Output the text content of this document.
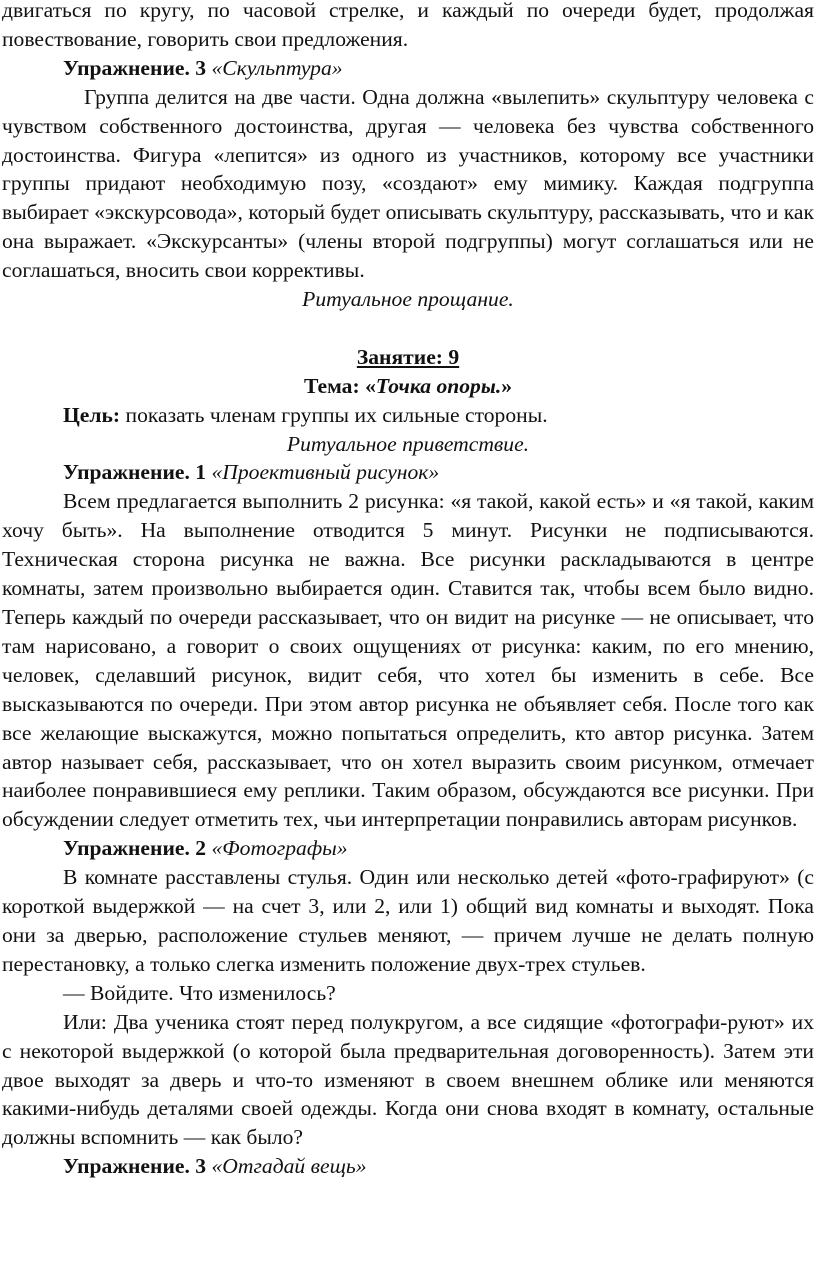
двигаться по кругу, по часовой стрелке, и каждый по очереди будет, продолжая повествование, говорить свои предложения.

Упражнение. 3 «Скульптура»

Группа делится на две части. Одна должна «вылепить» скульптуру человека с чувством собственного достоинства, другая — человека без чувства собственного достоинства. Фигура «лепится» из одного из участников, которому все участники группы придают необходимую позу, «создают» ему мимику. Каждая подгруппа выбирает «экскурсовода», который будет описывать скульптуру, рассказывать, что и как она выражает. «Экскурсанты» (члены второй подгруппы) могут соглашаться или не соглашаться, вносить свои коррективы.

Ритуальное прощание.

Занятие: 9

Тема: «Точка опоры.»

Цель: показать членам группы их сильные стороны.

Ритуальное приветствие.

Упражнение. 1 «Проективный рисунок»

Всем предлагается выполнить 2 рисунка: «я такой, какой есть» и «я такой, каким хочу быть». На выполнение отводится 5 минут. Рисунки не подписываются. Техническая сторона рисунка не важна. Все рисунки раскладываются в центре комнаты, затем произвольно выбирается один. Ставится так, чтобы всем было видно. Теперь каждый по очереди рассказывает, что он видит на рисунке — не описывает, что там нарисовано, а говорит о своих ощущениях от рисунка: каким, по его мнению, человек, сделавший рисунок, видит себя, что хотел бы изменить в себе. Все высказываются по очереди. При этом автор рисунка не объявляет себя. После того как все желающие выскажутся, можно попытаться определить, кто автор рисунка. Затем автор называет себя, рассказывает, что он хотел выразить своим рисунком, отмечает наиболее понравившиеся ему реплики. Таким образом, обсуждаются все рисунки. При обсуждении следует отметить тех, чьи интерпретации понравились авторам рисунков.

Упражнение. 2 «Фотографы»

В комнате расставлены стулья. Один или несколько детей «фото-графируют» (с короткой выдержкой — на счет 3, или 2, или 1) общий вид комнаты и выходят. Пока они за дверью, расположение стульев меняют, — причем лучше не делать полную перестановку, а только слегка изменить положение двух-трех стульев.

— Войдите. Что изменилось?

Или: Два ученика стоят перед полукругом, а все сидящие «фотографи-руют» их с некоторой выдержкой (о которой была предварительная договоренность). Затем эти двое выходят за дверь и что-то изменяют в своем внешнем облике или меняются какими-нибудь деталями своей одежды. Когда они снова входят в комнату, остальные должны вспомнить — как было?

Упражнение. 3 «Отгадай вещь»
